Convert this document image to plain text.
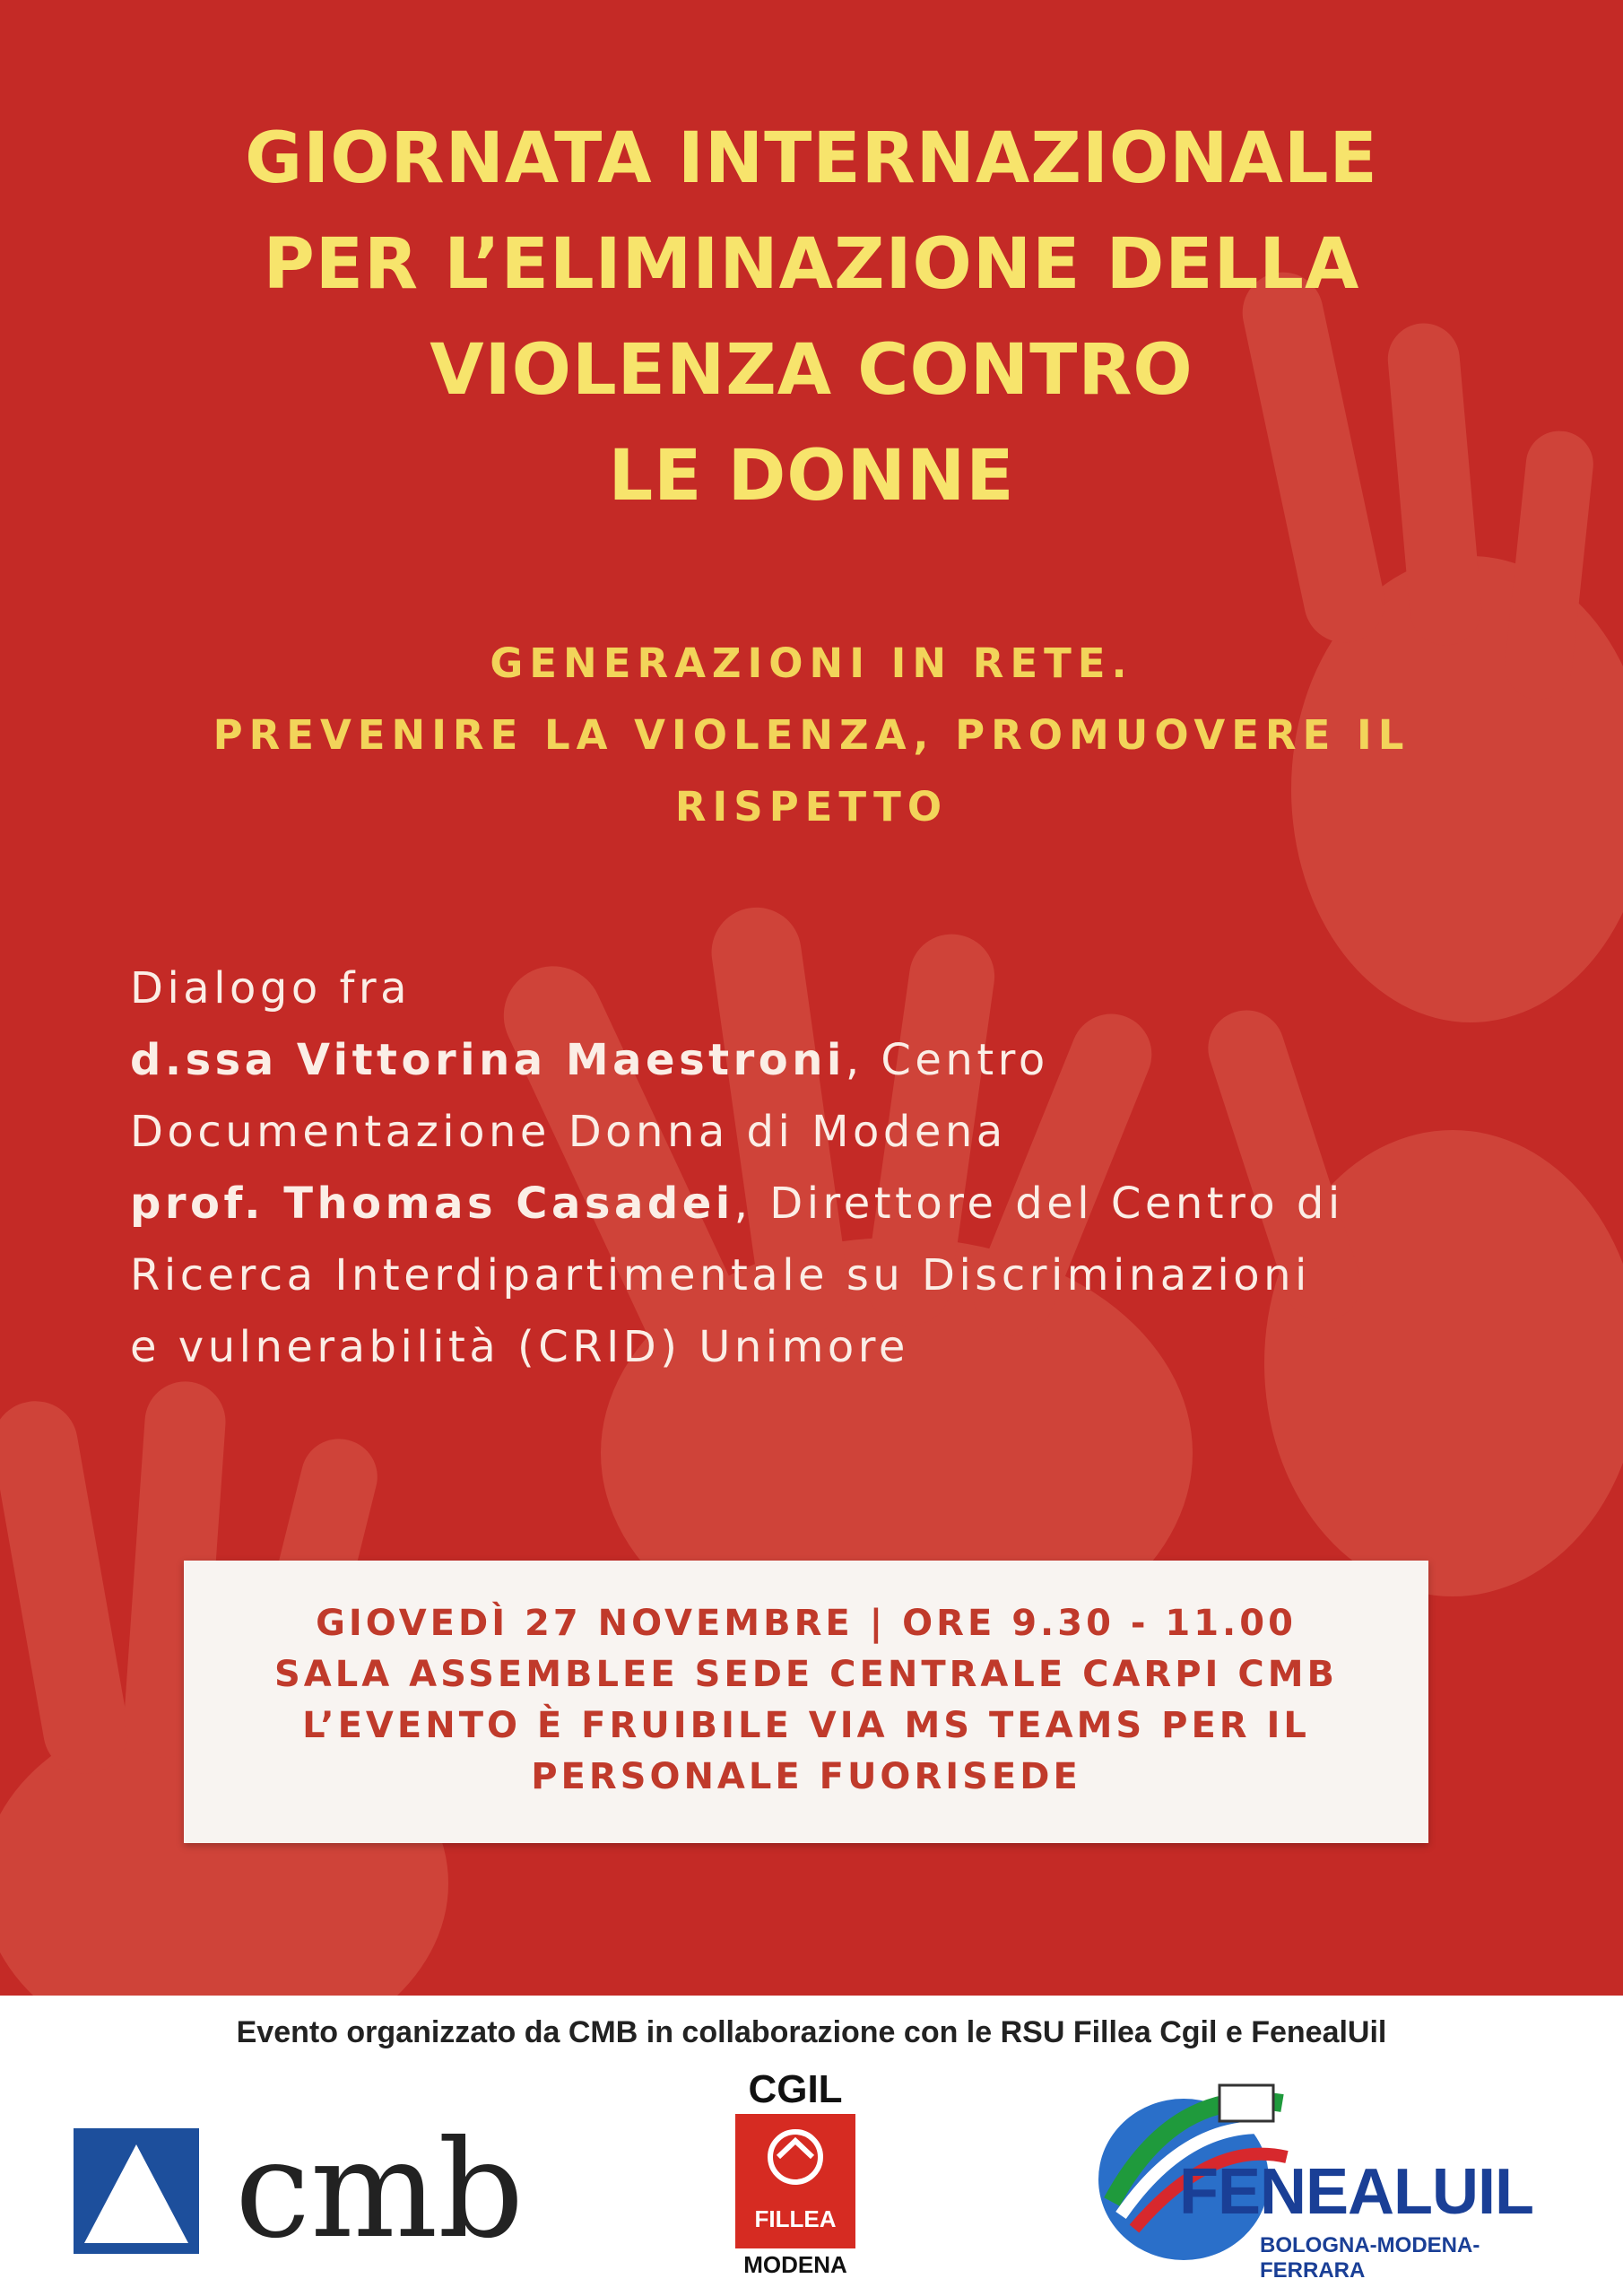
GIORNATA INTERNAZIONALE
PER L’ELIMINAZIONE DELLA
VIOLENZA CONTRO
LE DONNE
GENERAZIONI IN RETE.
PREVENIRE LA VIOLENZA, PROMUOVERE IL
RISPETTO
Dialogo fra
d.ssa Vittorina Maestroni, Centro
Documentazione Donna di Modena
prof. Thomas Casadei, Direttore del Centro di
Ricerca Interdipartimentale su Discriminazioni
e vulnerabilità (CRID) Unimore
GIOVEDÌ 27 NOVEMBRE | ORE 9.30 - 11.00
SALA ASSEMBLEE SEDE CENTRALE CARPI CMB
L’EVENTO È FRUIBILE VIA MS TEAMS PER IL
PERSONALE FUORISEDE
Evento organizzato da CMB in collaborazione con le RSU Fillea Cgil e FenealUil
cmb
CGIL
FILLEA
MODENA
FENEALUIL
BOLOGNA-MODENA-FERRARA
